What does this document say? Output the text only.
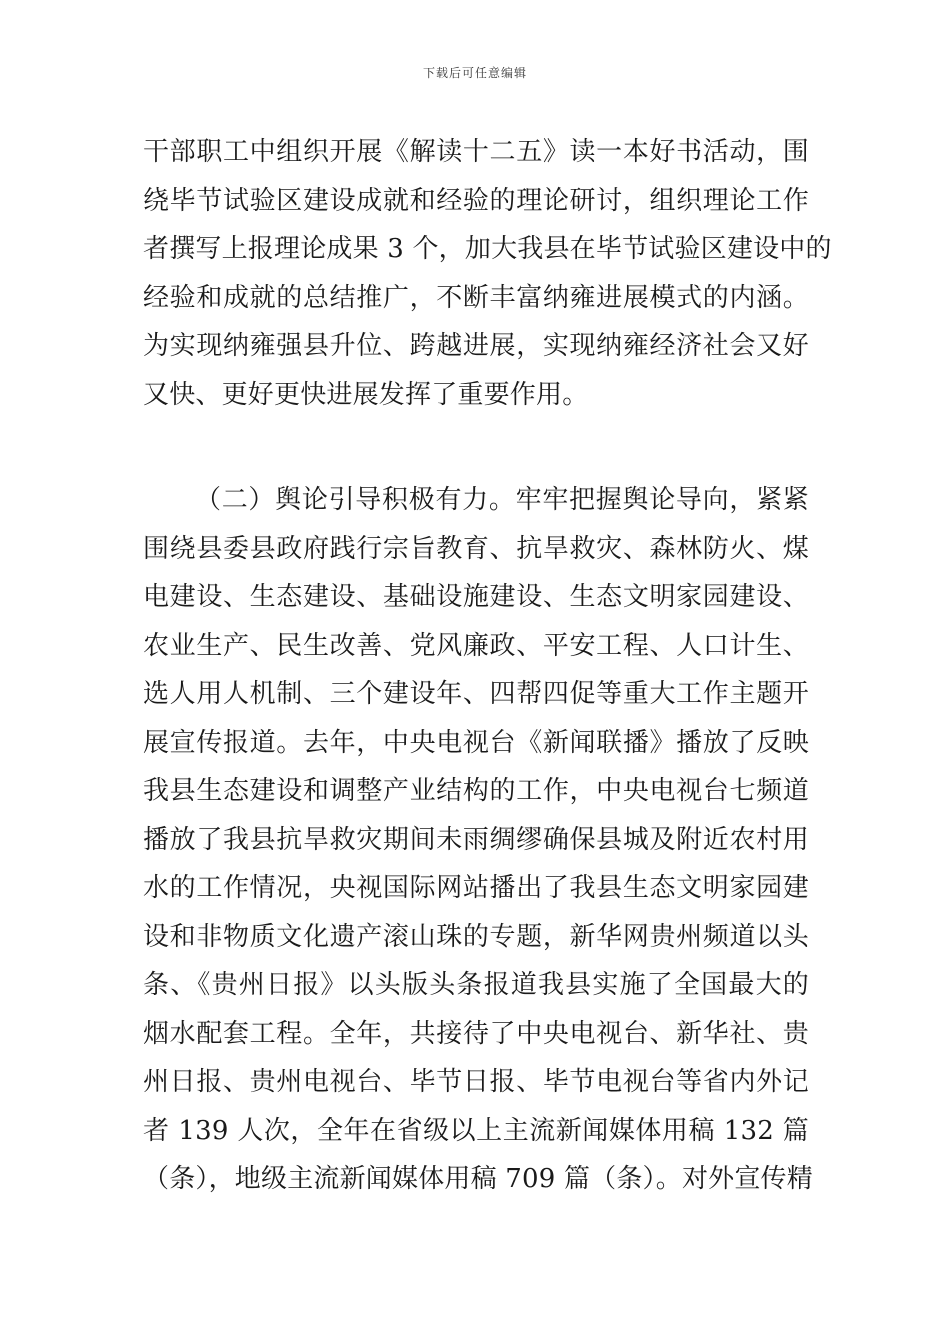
下载后可任意编辑
干部职工中组织开展《解读十二五》读一本好书活动，围
绕毕节试验区建设成就和经验的理论研讨，组织理论工作
者撰写上报理论成果 3 个，加大我县在毕节试验区建设中的
经验和成就的总结推广，不断丰富纳雍进展模式的内涵。
为实现纳雍强县升位、跨越进展，实现纳雍经济社会又好
又快、更好更快进展发挥了重要作用。
（二）舆论引导积极有力。牢牢把握舆论导向，紧紧
围绕县委县政府践行宗旨教育、抗旱救灾、森林防火、煤
电建设、生态建设、基础设施建设、生态文明家园建设、
农业生产、民生改善、党风廉政、平安工程、人口计生、
选人用人机制、三个建设年、四帮四促等重大工作主题开
展宣传报道。去年，中央电视台《新闻联播》播放了反映
我县生态建设和调整产业结构的工作，中央电视台七频道
播放了我县抗旱救灾期间未雨绸缪确保县城及附近农村用
水的工作情况，央视国际网站播出了我县生态文明家园建
设和非物质文化遗产滚山珠的专题，新华网贵州频道以头
条、《贵州日报》以头版头条报道我县实施了全国最大的
烟水配套工程。全年，共接待了中央电视台、新华社、贵
州日报、贵州电视台、毕节日报、毕节电视台等省内外记
者 139 人次，全年在省级以上主流新闻媒体用稿 132 篇
（条），地级主流新闻媒体用稿 709 篇（条）。对外宣传精
